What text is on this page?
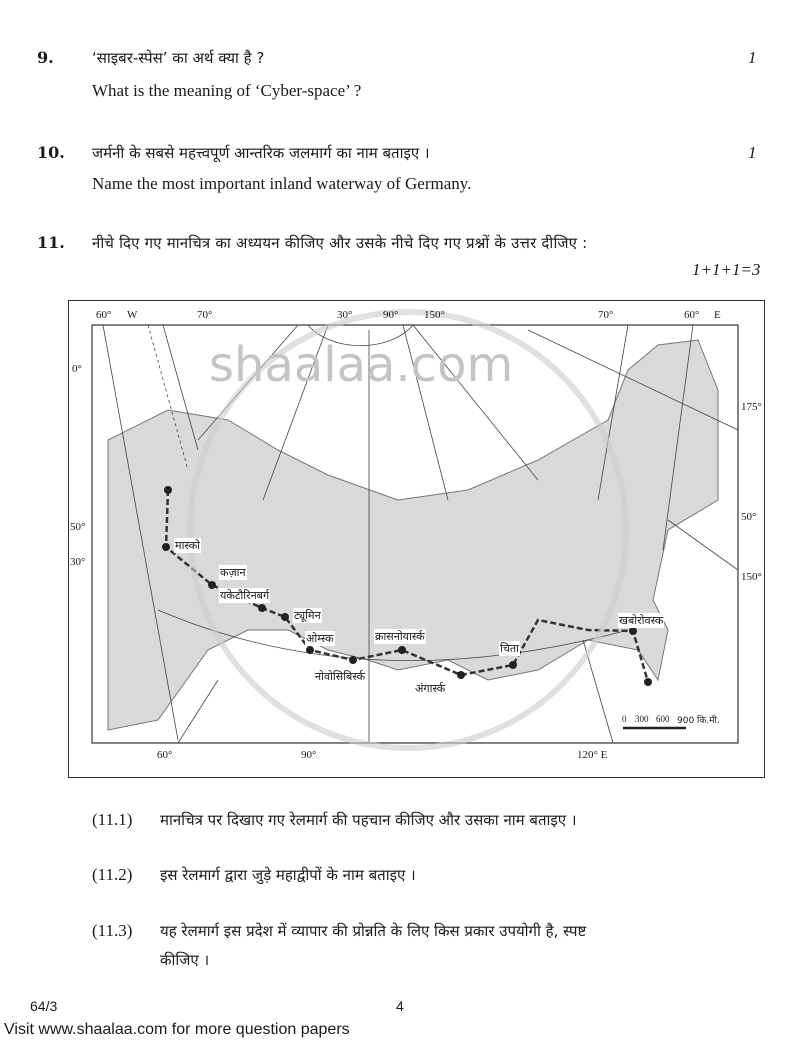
9.	‘साइबर-स्पेस’ का अर्थ क्या है ?	1
What is the meaning of ‘Cyber-space’ ?
10. जर्मनी के सबसे महत्त्वपूर्ण आन्तरिक जलमार्ग का नाम बताइए ।	1
Name the most important inland waterway of Germany.
11. नीचे दिए गए मानचित्र का अध्ययन कीजिए और उसके नीचे दिए गए प्रश्नों के उत्तर दीजिए :
1+1+1=3
shaalaa.com
60° W	70°	30°	90° 150°	70°	60° E
0°
50°
30°
175°
50°
150°
60°	90°	120° E
मास्को
कज़ान
यकेटौरिनबर्ग
ट्यूमिन
ओम्स्क	क्रासनोयार्स्क
नोवोसिबिर्स्क
अंगार्स्क
चिता
खबोरोवस्क
0 300 600 900 कि.मी.
(11.1) मानचित्र पर दिखाए गए रेलमार्ग की पहचान कीजिए और उसका नाम बताइए ।
(11.2) इस रेलमार्ग द्वारा जुड़े महाद्वीपों के नाम बताइए ।
(11.3) यह रेलमार्ग इस प्रदेश में व्यापार की प्रोन्नति के लिए किस प्रकार उपयोगी है, स्पष्ट
कीजिए ।
64/3	4
Visit www.shaalaa.com for more question papers
